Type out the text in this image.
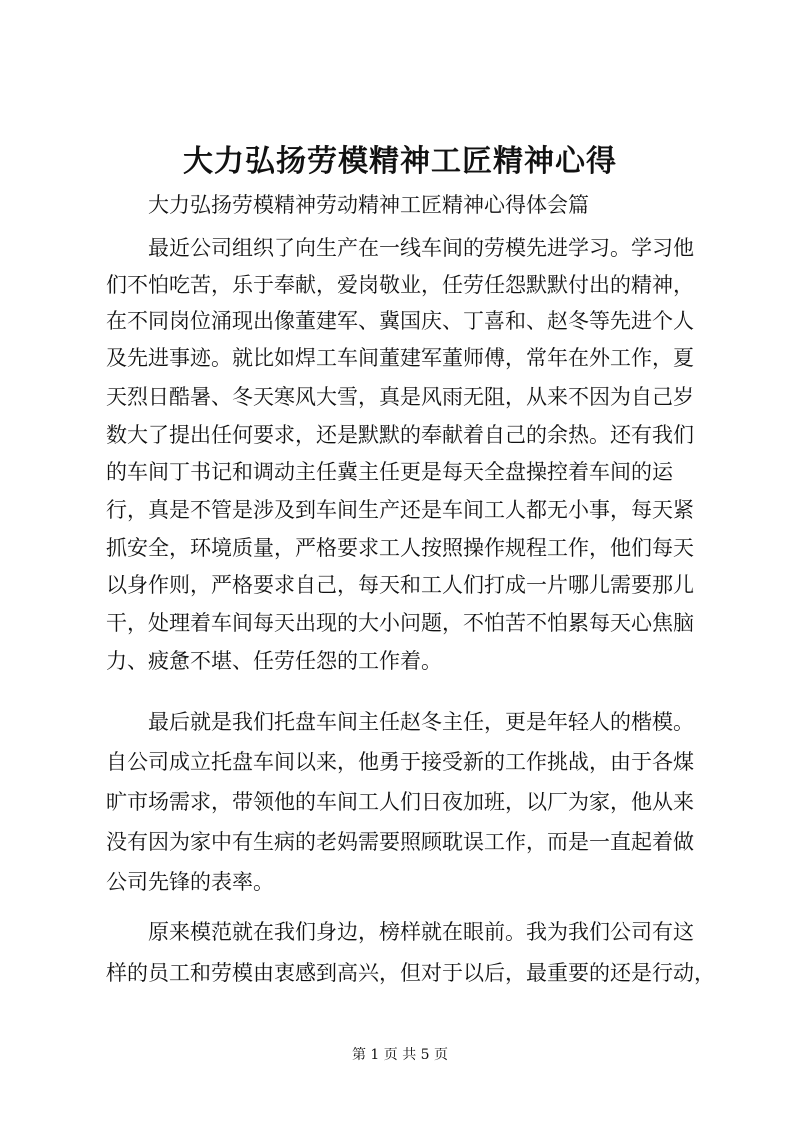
大力弘扬劳模精神工匠精神心得
大力弘扬劳模精神劳动精神工匠精神心得体会篇
最近公司组织了向生产在一线车间的劳模先进学习。学习他
们不怕吃苦，乐于奉献，爱岗敬业，任劳任怨默默付出的精神，
在不同岗位涌现出像董建军、冀国庆、丁喜和、赵冬等先进个人
及先进事迹。就比如焊工车间董建军董师傅，常年在外工作，夏
天烈日酷暑、冬天寒风大雪，真是风雨无阻，从来不因为自己岁
数大了提出任何要求，还是默默的奉献着自己的余热。还有我们
的车间丁书记和调动主任冀主任更是每天全盘操控着车间的运
行，真是不管是涉及到车间生产还是车间工人都无小事，每天紧
抓安全，环境质量，严格要求工人按照操作规程工作，他们每天
以身作则，严格要求自己，每天和工人们打成一片哪儿需要那儿
干，处理着车间每天出现的大小问题，不怕苦不怕累每天心焦脑
力、疲惫不堪、任劳任怨的工作着。
最后就是我们托盘车间主任赵冬主任，更是年轻人的楷模。
自公司成立托盘车间以来，他勇于接受新的工作挑战，由于各煤
旷市场需求，带领他的车间工人们日夜加班，以厂为家，他从来
没有因为家中有生病的老妈需要照顾耽误工作，而是一直起着做
公司先锋的表率。
原来模范就在我们身边，榜样就在眼前。我为我们公司有这
样的员工和劳模由衷感到高兴，但对于以后，最重要的还是行动，
第 1 页 共 5 页
